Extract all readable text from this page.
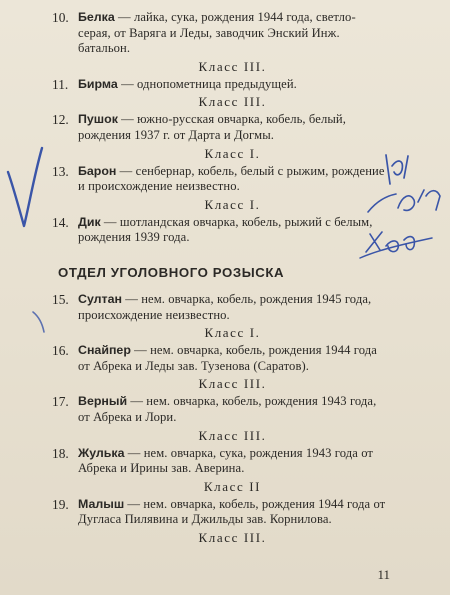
10. Белка — лайка, сука, рождения 1944 года, светло-серая, от Варяга и Леды, заводчик Энский Инж. батальон.
Класс III.
11. Бирма — однопометница предыдущей.
Класс III.
12. Пушок — южно-русская овчарка, кобель, белый, рождения 1937 г. от Дарта и Догмы.
Класс I.
13. Барон — сенбернар, кобель, белый с рыжим, рождение и происхождение неизвестно.
Класс I.
14. Дик — шотландская овчарка, кобель, рыжий с белым, рождения 1939 года.
ОТДЕЛ УГОЛОВНОГО РОЗЫСКА
15. Султан — нем. овчарка, кобель, рождения 1945 года, происхождение неизвестно.
Класс I.
16. Снайпер — нем. овчарка, кобель, рождения 1944 года от Абрека и Леды зав. Тузенова (Саратов).
Класс III.
17. Верный — нем. овчарка, кобель, рождения 1943 года, от Абрека и Лори.
Класс III.
18. Жулька — нем. овчарка, сука, рождения 1943 года от Абрека и Ирины зав. Аверина.
Класс II
19. Малыш — нем. овчарка, кобель, рождения 1944 года от Дугласа Пилявина и Джильды зав. Корнилова.
Класс III.
11
